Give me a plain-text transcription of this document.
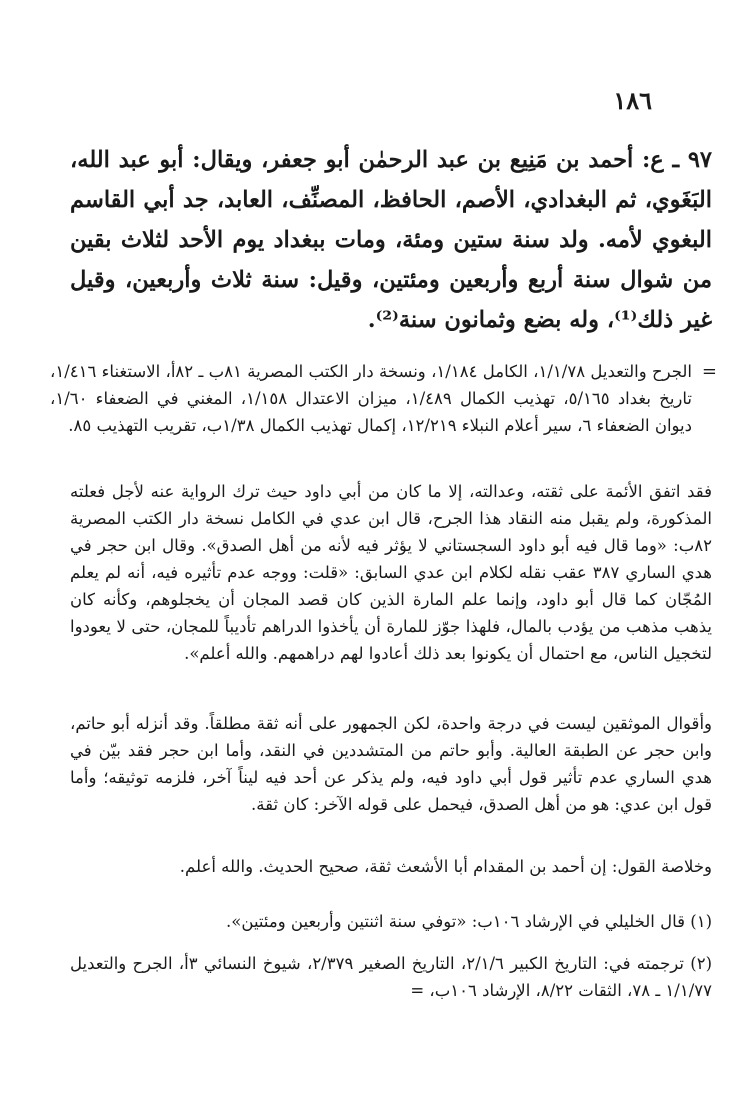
١٨٦

٩٧ ـ ع: أحمد بن مَنِيع بن عبد الرحمٰن أبو جعفر، ويقال: أبو عبد الله، البَغَوي، ثم البغدادي، الأصم، الحافظ، المصنِّف، العابد، جد أبي القاسم البغوي لأمه. ولد سنة ستين ومئة، ومات ببغداد يوم الأحد لثلاث بقين من شوال سنة أربع وأربعين ومئتين، وقيل: سنة ثلاث وأربعين، وقيل غير ذلك⁽¹⁾، وله بضع وثمانون سنة⁽²⁾.

=
الجرح والتعديل ١/١/٧٨، الكامل ١/١٨٤، ونسخة دار الكتب المصرية ٨١ب ـ ٨٢أ، الاستغناء ١/٤١٦، تاريخ بغداد ٥/١٦٥، تهذيب الكمال ١/٤٨٩، ميزان الاعتدال ١/١٥٨، المغني في الضعفاء ١/٦٠، ديوان الضعفاء ٦، سير أعلام النبلاء ١٢/٢١٩، إكمال تهذيب الكمال ١/٣٨ب، تقريب التهذيب ٨٥.

فقد اتفق الأئمة على ثقته، وعدالته، إلا ما كان من أبي داود حيث ترك الرواية عنه لأجل فعلته المذكورة، ولم يقبل منه النقاد هذا الجرح، قال ابن عدي في الكامل نسخة دار الكتب المصرية ٨٢ب: «وما قال فيه أبو داود السجستاني لا يؤثر فيه لأنه من أهل الصدق». وقال ابن حجر في هدي الساري ٣٨٧ عقب نقله لكلام ابن عدي السابق: «قلت: ووجه عدم تأثيره فيه، أنه لم يعلم المُجّان كما قال أبو داود، وإنما علم المارة الذين كان قصد المجان أن يخجلوهم، وكأنه كان يذهب مذهب من يؤدب بالمال، فلهذا جوّز للمارة أن يأخذوا الدراهم تأديباً للمجان، حتى لا يعودوا لتخجيل الناس، مع احتمال أن يكونوا بعد ذلك أعادوا لهم دراهمهم. والله أعلم».

وأقوال الموثقين ليست في درجة واحدة، لكن الجمهور على أنه ثقة مطلقاً. وقد أنزله أبو حاتم، وابن حجر عن الطبقة العالية. وأبو حاتم من المتشددين في النقد، وأما ابن حجر فقد بيّن في هدي الساري عدم تأثير قول أبي داود فيه، ولم يذكر عن أحد فيه ليناً آخر، فلزمه توثيقه؛ وأما قول ابن عدي: هو من أهل الصدق، فيحمل على قوله الآخر: كان ثقة.

وخلاصة القول: إن أحمد بن المقدام أبا الأشعث ثقة، صحيح الحديث. والله أعلم.

(١) قال الخليلي في الإرشاد ١٠٦ب: «توفي سنة اثنتين وأربعين ومئتين».

(٢) ترجمته في: التاريخ الكبير ٢/١/٦، التاريخ الصغير ٢/٣٧٩، شيوخ النسائي ٣أ، الجرح والتعديل ١/١/٧٧ ـ ٧٨، الثقات ٨/٢٢، الإرشاد ١٠٦ب، =
